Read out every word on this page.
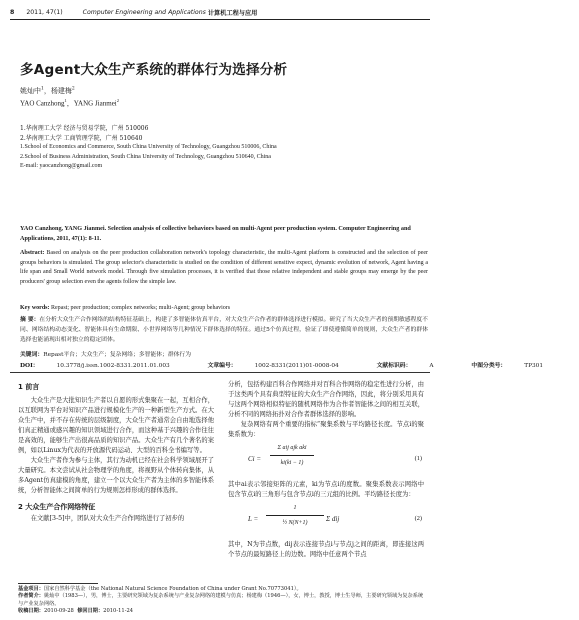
8 2011, 47(1)	Computer Engineering and Applications 计算机工程与应用
多Agent大众生产系统的群体行为选择分析
姚灿中$^1$，杨建梅$^2$
YAO Canzhong$^1$，YANG Jianmei$^2$
1.华南理工大学 经济与贸易学院，广州 510006
2.华南理工大学 工商管理学院，广州 510640
1.School of Economics and Commerce, South China University of Technology, Guangzhou 510006, China
2.School of Business Administration, South China University of Technology, Guangzhou 510640, China
E-mail: yaocanzhong@gmail.com
YAO Canzhong, YANG Jianmei. Selection analysis of collective behaviors based on multi-Agent peer production system. Computer Engineering and Applications, 2011, 47(1): 8-11.
Abstract: Based on analysis on the peer production collaboration network's topology characteristic, the multi-Agent platform is constructed and the selection of peer groups behaviors is simulated. The group selector's characteristic is studied on the condition of different sensitive expect, dynamic evolution of network, Agent having a life span and Small World network model. Through five simulation processes, it is verified that those relative independent and stable groups may emerge by the peer producers' group selection even the agents follow the simple law.
Key words: Repast; peer production; complex networks; multi-Agent; group behaviors
摘 要：在分析大众生产合作网络的结构特征基础上，构建了多智能体仿真平台，对大众生产合作者的群体选择进行模拟。研究了当大众生产者的预期敏感程度不同、网络结构动态变化、智能体具有生命期限、小世界网络等几种情况下群体选择的特征。通过5个仿真过程，验证了即使遵循简单的规则，大众生产者的群体选择也能涌现出相对独立的稳定团体。
关键词：Repast平台；大众生产；复杂网络；多智能体；群体行为
DOI：	10.3778/j.issn.1002-8331.2011.01.003	文章编号：	1002-8331(2011)01-0008-04	文献标识码：	A	中图分类号：	TP301
1 前言

大众生产是大批知识生产者以自愿的形式集聚在一起，互相合作，以互联网为平台对知识产品进行规模化生产的一种新型生产方式。在大众生产中，并不存在传统的层级制度，大众生产者通常会自由地选择他们真正精通或感兴趣的知识领域进行合作，而这种基于兴趣的合作往往是高效的，能够生产出很高品质的知识产品。大众生产有几个著名的案例，如以Linux为代表的开放源代码运动、大型的百科全书编写等。

大众生产者作为参与主体，其行为动机已经在社会科学领域展开了大量研究。本文尝试从社会物理学的角度，将视野从个体转向集体，从多Agent仿真建模的角度，建立一个以大众生产者为主体的多智能体系统，分析智能体之间简单的行为规则怎样形成的群体选择。

2 大众生产合作网络特征

在文献[3-5]中，团队对大众生产合作网络进行了初步的

分析，包括构建百科合作网络并对百科合作网络的稳定性进行分析，由于这类两个具有典型特征的大众生产合作网络，因此，将分别采用具有与这两个网络相似特征的随机网络作为合作者智能体之间的相互关联，分析不同的网络拓扑对合作者群体选择的影响。

复杂网络有两个重要的指标“聚集系数与平均路径长度。节点i的聚集系数为：

Ci =
Σ aij ajk aki
ki(ki − 1)
(1)

其中ai表示邻接矩阵的元素，ki为节点i的度数。聚集系数表示网络中包含节点i的三角形与包含节点i的三元组的比例。平均路径长度为：

$L = \frac{1}{\text{½ N(N+1)}}$ Σ dij	(2)

其中，N为节点数，dij表示连接节点i与节点j之间的距离，即连接这两个节点的最短路径上的边数。网络中任意两个节点

基金项目：国家自然科学基金（the National Natural Science Foundation of China under Grant No.70773041）。
作者简介：姚灿中（1983—），男，博士，主要研究领域为复杂系统与产业复杂网络的建模与仿真；杨建梅（1946—），女，博士，教授，博士生导师，主要研究领域为复杂系统与产业复杂网络。
收稿日期：2010-09-28 修回日期：2010-11-24
